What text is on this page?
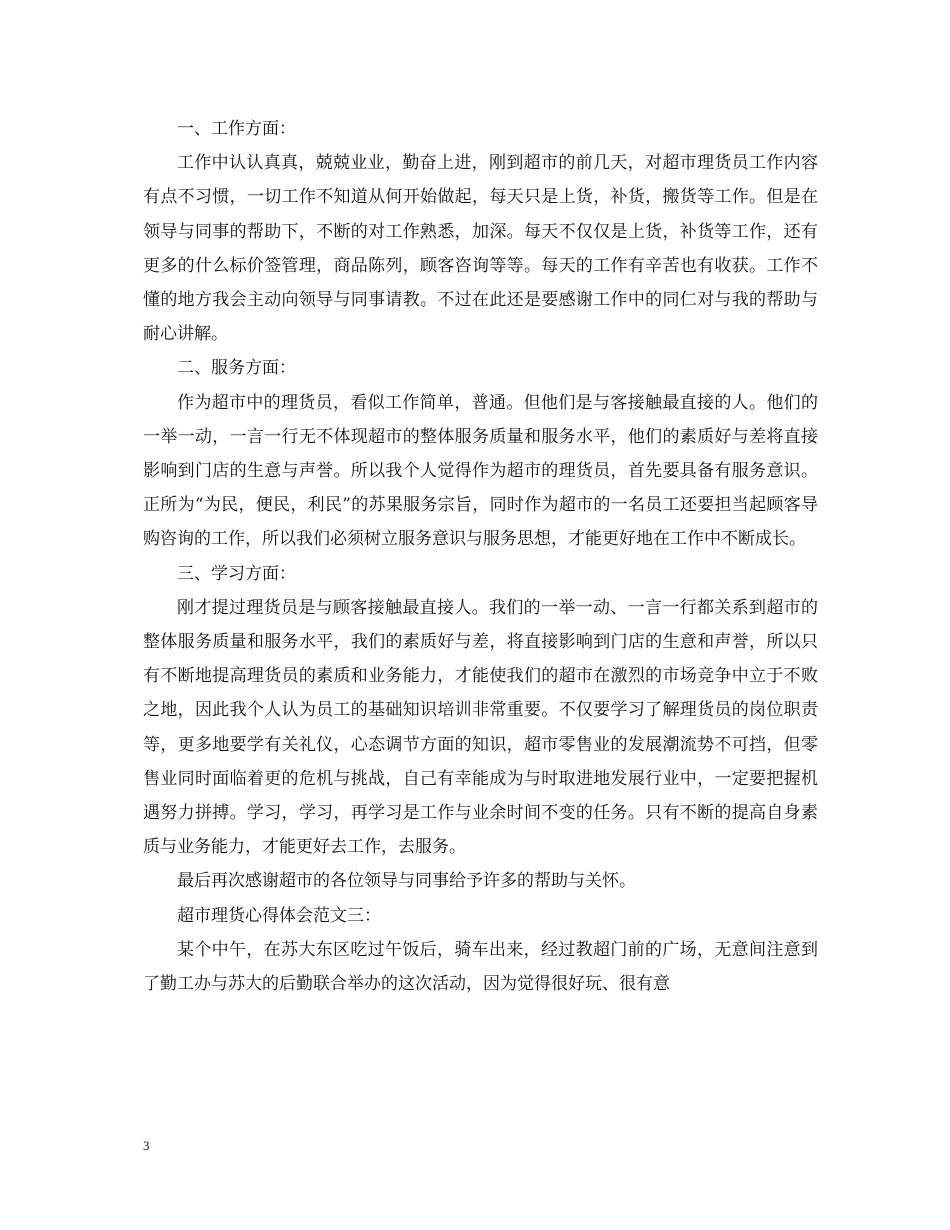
一、工作方面：

工作中认认真真，兢兢业业，勤奋上进，刚到超市的前几天，对超市理货员工作内容有点不习惯，一切工作不知道从何开始做起，每天只是上货，补货，搬货等工作。但是在领导与同事的帮助下，不断的对工作熟悉，加深。每天不仅仅是上货，补货等工作，还有更多的什么标价签管理，商品陈列，顾客咨询等等。每天的工作有辛苦也有收获。工作不懂的地方我会主动向领导与同事请教。不过在此还是要感谢工作中的同仁对与我的帮助与耐心讲解。

二、服务方面：

作为超市中的理货员，看似工作简单，普通。但他们是与客接触最直接的人。他们的一举一动，一言一行无不体现超市的整体服务质量和服务水平，他们的素质好与差将直接影响到门店的生意与声誉。所以我个人觉得作为超市的理货员，首先要具备有服务意识。正所为“为民，便民，利民”的苏果服务宗旨，同时作为超市的一名员工还要担当起顾客导购咨询的工作，所以我们必须树立服务意识与服务思想，才能更好地在工作中不断成长。

三、学习方面：

刚才提过理货员是与顾客接触最直接人。我们的一举一动、一言一行都关系到超市的整体服务质量和服务水平，我们的素质好与差，将直接影响到门店的生意和声誉，所以只有不断地提高理货员的素质和业务能力，才能使我们的超市在激烈的市场竞争中立于不败之地，因此我个人认为员工的基础知识培训非常重要。不仅要学习了解理货员的岗位职责等，更多地要学有关礼仪，心态调节方面的知识，超市零售业的发展潮流势不可挡，但零售业同时面临着更的危机与挑战，自己有幸能成为与时取进地发展行业中，一定要把握机遇努力拼搏。学习，学习，再学习是工作与业余时间不变的任务。只有不断的提高自身素质与业务能力，才能更好去工作，去服务。

最后再次感谢超市的各位领导与同事给予许多的帮助与关怀。

超市理货心得体会范文三：

某个中午，在苏大东区吃过午饭后，骑车出来，经过教超门前的广场，无意间注意到了勤工办与苏大的后勤联合举办的这次活动，因为觉得很好玩、很有意

3
